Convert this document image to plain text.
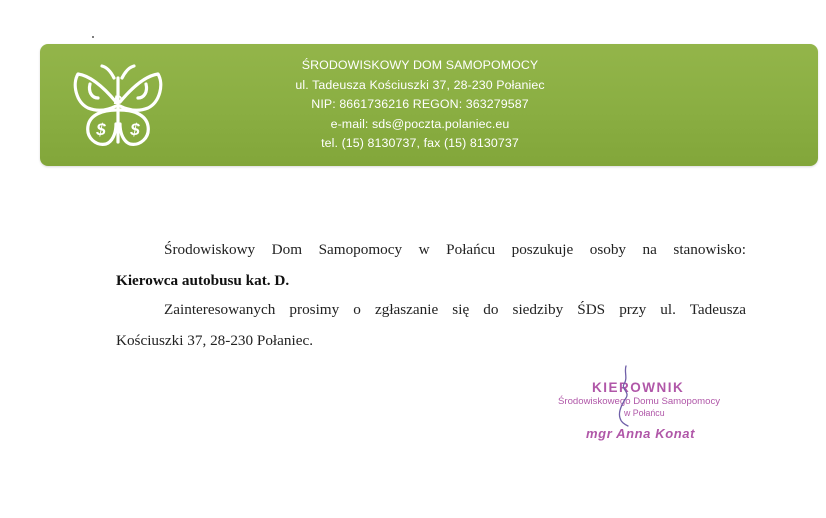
$
D
$
ŚRODOWISKOWY DOM SAMOPOMOCY
ul. Tadeusza Kościuszki 37, 28-230 Połaniec
NIP: 8661736216 REGON: 363279587
e-mail: sds@poczta.polaniec.eu
tel. (15) 8130737, fax (15) 8130737
Środowiskowy Dom Samopomocy w Połańcu poszukuje osoby na stanowisko:
Kierowca autobusu kat. D.
Zainteresowanych prosimy o zgłaszanie się do siedziby ŚDS przy ul. Tadeusza
Kościuszki 37, 28-230 Połaniec.
KIEROWNIK
Środowiskowego Domu Samopomocy
w Połańcu
mgr Anna Konat
